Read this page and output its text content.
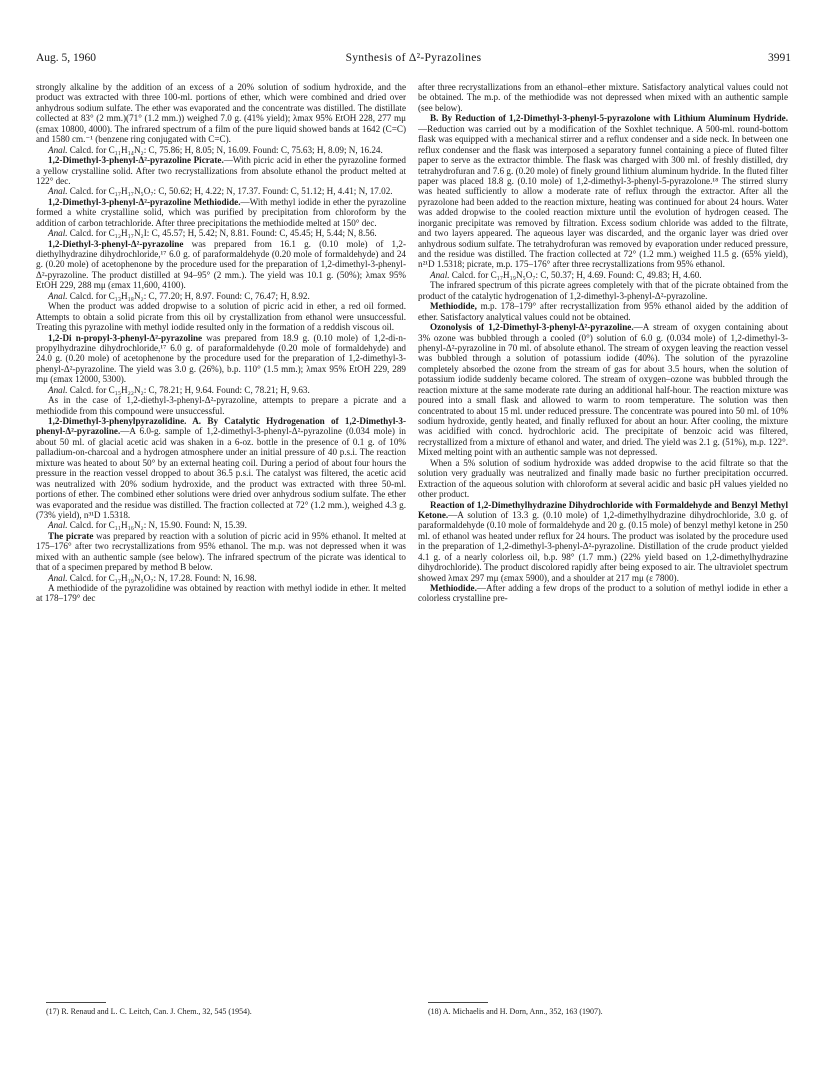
Aug. 5, 1960	Synthesis of Δ²-Pyrazolines	3991

strongly alkaline by the addition of an excess of a 20% solution of sodium hydroxide, and the product was extracted with three 100-ml. portions of ether, which were combined and dried over anhydrous sodium sulfate. The ether was evaporated and the concentrate was distilled. The distillate collected at 83° (2 mm.)(71° (1.2 mm.)) weighed 7.0 g. (41% yield); λmax 95% EtOH 228, 277 mμ (εmax 10800, 4000). The infrared spectrum of a film of the pure liquid showed bands at 1642 (C=C) and 1580 cm.⁻¹ (benzene ring conjugated with C=C).

Anal. Calcd. for C₁₁H₁₄N₂: C, 75.86; H, 8.05; N, 16.09. Found: C, 75.63; H, 8.09; N, 16.24.

1,2-Dimethyl-3-phenyl-Δ²-pyrazoline Picrate.—With picric acid in ether the pyrazoline formed a yellow crystalline solid. After two recrystallizations from absolute ethanol the product melted at 122° dec.

Anal. Calcd. for C₁₇H₁₇N₅O₇: C, 50.62; H, 4.22; N, 17.37. Found: C, 51.12; H, 4.41; N, 17.02.

1,2-Dimethyl-3-phenyl-Δ²-pyrazoline Methiodide.—With methyl iodide in ether the pyrazoline formed a white crystalline solid, which was purified by precipitation from chloroform by the addition of carbon tetrachloride. After three precipitations the methiodide melted at 150° dec.

Anal. Calcd. for C₁₂H₁₇N₂I: C, 45.57; H, 5.42; N, 8.81. Found: C, 45.45; H, 5.44; N, 8.56.

1,2-Diethyl-3-phenyl-Δ²-pyrazoline was prepared from 16.1 g. (0.10 mole) of 1,2-diethylhydrazine dihydrochloride,¹⁷ 6.0 g. of paraformaldehyde (0.20 mole of formaldehyde) and 24 g. (0.20 mole) of acetophenone by the procedure used for the preparation of 1,2-dimethyl-3-phenyl-Δ²-pyrazoline. The product distilled at 94–95° (2 mm.). The yield was 10.1 g. (50%); λmax 95% EtOH 229, 288 mμ (εmax 11,600, 4100).

Anal. Calcd. for C₁₃H₁₈N₂: C, 77.20; H, 8.97. Found: C, 76.47; H, 8.92.

When the product was added dropwise to a solution of picric acid in ether, a red oil formed. Attempts to obtain a solid picrate from this oil by crystallization from ethanol were unsuccessful. Treating this pyrazoline with methyl iodide resulted only in the formation of a reddish viscous oil.

1,2-Di n-propyl-3-phenyl-Δ²-pyrazoline was prepared from 18.9 g. (0.10 mole) of 1,2-di-n-propylhydrazine dihydrochloride,¹⁷ 6.0 g. of paraformaldehyde (0.20 mole of formaldehyde) and 24.0 g. (0.20 mole) of acetophenone by the procedure used for the preparation of 1,2-dimethyl-3-phenyl-Δ²-pyrazoline. The yield was 3.0 g. (26%), b.p. 110° (1.5 mm.); λmax 95% EtOH 229, 289 mμ (εmax 12000, 5300).

Anal. Calcd. for C₁₅H₂₂N₂: C, 78.21; H, 9.64. Found: C, 78.21; H, 9.63.

As in the case of 1,2-diethyl-3-phenyl-Δ²-pyrazoline, attempts to prepare a picrate and a methiodide from this compound were unsuccessful.

1,2-Dimethyl-3-phenylpyrazolidine. A. By Catalytic Hydrogenation of 1,2-Dimethyl-3-phenyl-Δ²-pyrazoline.—A 6.0-g. sample of 1,2-dimethyl-3-phenyl-Δ²-pyrazoline (0.034 mole) in about 50 ml. of glacial acetic acid was shaken in a 6-oz. bottle in the presence of 0.1 g. of 10% palladium-on-charcoal and a hydrogen atmosphere under an initial pressure of 40 p.s.i. The reaction mixture was heated to about 50° by an external heating coil. During a period of about four hours the pressure in the reaction vessel dropped to about 36.5 p.s.i. The catalyst was filtered, the acetic acid was neutralized with 20% sodium hydroxide, and the product was extracted with three 50-ml. portions of ether. The combined ether solutions were dried over anhydrous sodium sulfate. The ether was evaporated and the residue was distilled. The fraction collected at 72° (1.2 mm.), weighed 4.3 g. (73% yield), n³¹D 1.5318.

Anal. Calcd. for C₁₁H₁₆N₂: N, 15.90. Found: N, 15.39.

The picrate was prepared by reaction with a solution of picric acid in 95% ethanol. It melted at 175–176° after two recrystallizations from 95% ethanol. The m.p. was not depressed when it was mixed with an authentic sample (see below). The infrared spectrum of the picrate was identical to that of a specimen prepared by method B below.

Anal. Calcd. for C₁₇H₁₉N₅O₇: N, 17.28. Found: N, 16.98.

A methiodide of the pyrazolidine was obtained by reaction with methyl iodide in ether. It melted at 178–179° dec

after three recrystallizations from an ethanol–ether mixture. Satisfactory analytical values could not be obtained. The m.p. of the methiodide was not depressed when mixed with an authentic sample (see below).

B. By Reduction of 1,2-Dimethyl-3-phenyl-5-pyrazolone with Lithium Aluminum Hydride.—Reduction was carried out by a modification of the Soxhlet technique. A 500-ml. round-bottom flask was equipped with a mechanical stirrer and a reflux condenser and a side neck. In between one reflux condenser and the flask was interposed a separatory funnel containing a piece of fluted filter paper to serve as the extractor thimble. The flask was charged with 300 ml. of freshly distilled, dry tetrahydrofuran and 7.6 g. (0.20 mole) of finely ground lithium aluminum hydride. In the fluted filter paper was placed 18.8 g. (0.10 mole) of 1,2-dimethyl-3-phenyl-5-pyrazolone.¹⁸ The stirred slurry was heated sufficiently to allow a moderate rate of reflux through the extractor. After all the pyrazolone had been added to the reaction mixture, heating was continued for about 24 hours. Water was added dropwise to the cooled reaction mixture until the evolution of hydrogen ceased. The inorganic precipitate was removed by filtration. Excess sodium chloride was added to the filtrate, and two layers appeared. The aqueous layer was discarded, and the organic layer was dried over anhydrous sodium sulfate. The tetrahydrofuran was removed by evaporation under reduced pressure, and the residue was distilled. The fraction collected at 72° (1.2 mm.) weighed 11.5 g. (65% yield), n²¹D 1.5318; picrate, m.p. 175–176° after three recrystallizations from 95% ethanol.

Anal. Calcd. for C₁₇H₁₉N₅O₇: C, 50.37; H, 4.69. Found: C, 49.83; H, 4.60.

The infrared spectrum of this picrate agrees completely with that of the picrate obtained from the product of the catalytic hydrogenation of 1,2-dimethyl-3-phenyl-Δ²-pyrazoline.

Methiodide, m.p. 178–179° after recrystallization from 95% ethanol aided by the addition of ether. Satisfactory analytical values could not be obtained.

Ozonolysis of 1,2-Dimethyl-3-phenyl-Δ²-pyrazoline.—A stream of oxygen containing about 3% ozone was bubbled through a cooled (0°) solution of 6.0 g. (0.034 mole) of 1,2-dimethyl-3-phenyl-Δ²-pyrazoline in 70 ml. of absolute ethanol. The stream of oxygen leaving the reaction vessel was bubbled through a solution of potassium iodide (40%). The solution of the pyrazoline completely absorbed the ozone from the stream of gas for about 3.5 hours, when the solution of potassium iodide suddenly became colored. The stream of oxygen–ozone was bubbled through the reaction mixture at the same moderate rate during an additional half-hour. The reaction mixture was poured into a small flask and allowed to warm to room temperature. The solution was then concentrated to about 15 ml. under reduced pressure. The concentrate was poured into 50 ml. of 10% sodium hydroxide, gently heated, and finally refluxed for about an hour. After cooling, the mixture was acidified with concd. hydrochloric acid. The precipitate of benzoic acid was filtered, recrystallized from a mixture of ethanol and water, and dried. The yield was 2.1 g. (51%), m.p. 122°. Mixed melting point with an authentic sample was not depressed.

When a 5% solution of sodium hydroxide was added dropwise to the acid filtrate so that the solution very gradually was neutralized and finally made basic no further precipitation occurred. Extraction of the aqueous solution with chloroform at several acidic and basic pH values yielded no other product.

Reaction of 1,2-Dimethylhydrazine Dihydrochloride with Formaldehyde and Benzyl Methyl Ketone.—A solution of 13.3 g. (0.10 mole) of 1,2-dimethylhydrazine dihydrochloride, 3.0 g. of paraformaldehyde (0.10 mole of formaldehyde and 20 g. (0.15 mole) of benzyl methyl ketone in 250 ml. of ethanol was heated under reflux for 24 hours. The product was isolated by the procedure used in the preparation of 1,2-dimethyl-3-phenyl-Δ²-pyrazoline. Distillation of the crude product yielded 4.1 g. of a nearly colorless oil, b.p. 98° (1.7 mm.) (22% yield based on 1,2-dimethylhydrazine dihydrochloride). The product discolored rapidly after being exposed to air. The ultraviolet spectrum showed λmax 297 mμ (εmax 5900), and a shoulder at 217 mμ (ε 7800).

Methiodide.—After adding a few drops of the product to a solution of methyl iodide in ether a colorless crystalline pre-

(17) R. Renaud and L. C. Leitch, Can. J. Chem., 32, 545 (1954).	(18) A. Michaelis and H. Dorn, Ann., 352, 163 (1907).
